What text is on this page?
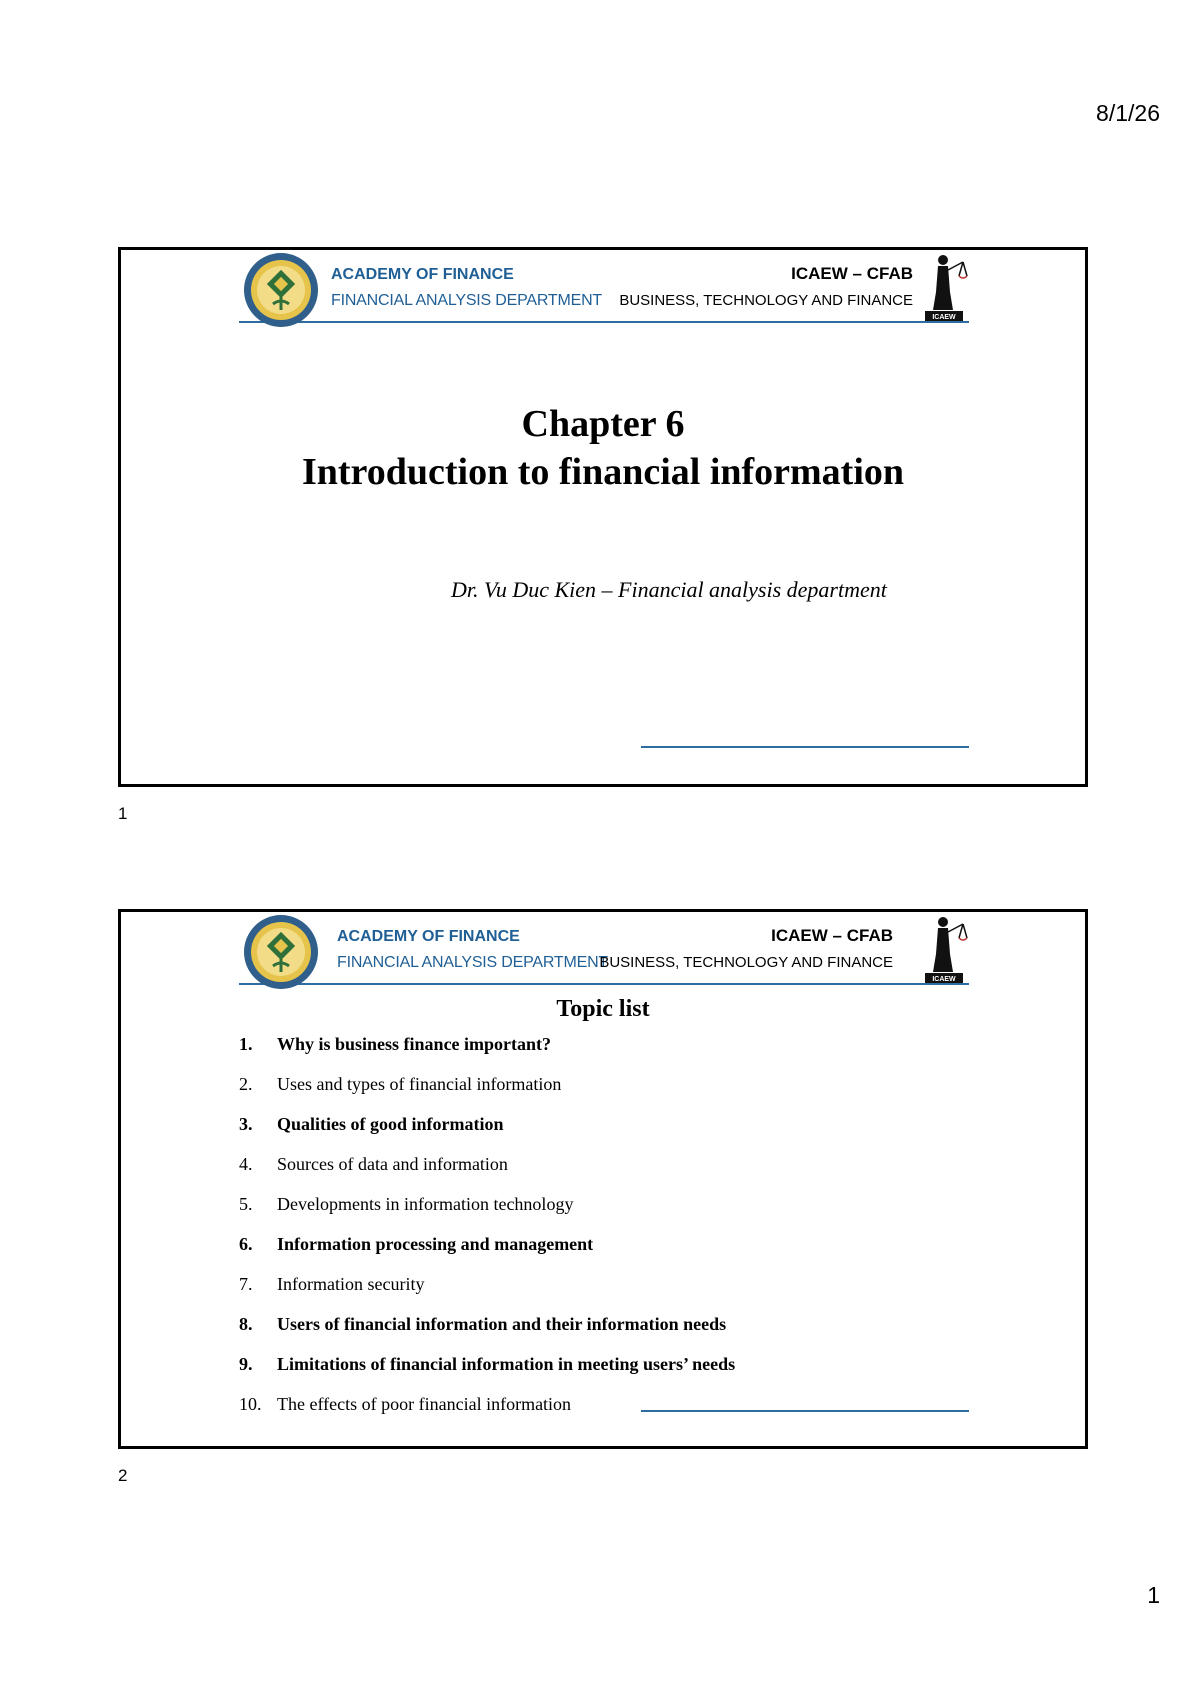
8/1/26
ACADEMY OF FINANCE
FINANCIAL ANALYSIS DEPARTMENT
ICAEW – CFAB
BUSINESS, TECHNOLOGY AND FINANCE
ICAEW
Chapter 6
Introduction to financial information
Dr. Vu Duc Kien – Financial analysis department
1
ACADEMY OF FINANCE
FINANCIAL ANALYSIS DEPARTMENT
ICAEW – CFAB
BUSINESS, TECHNOLOGY AND FINANCE
ICAEW
Topic list
1. Why is business finance important?
2. Uses and types of financial information
3. Qualities of good information
4. Sources of data and information
5. Developments in information technology
6. Information processing and management
7. Information security
8. Users of financial information and their information needs
9. Limitations of financial information in meeting users’ needs
10. The effects of poor financial information
2
1
